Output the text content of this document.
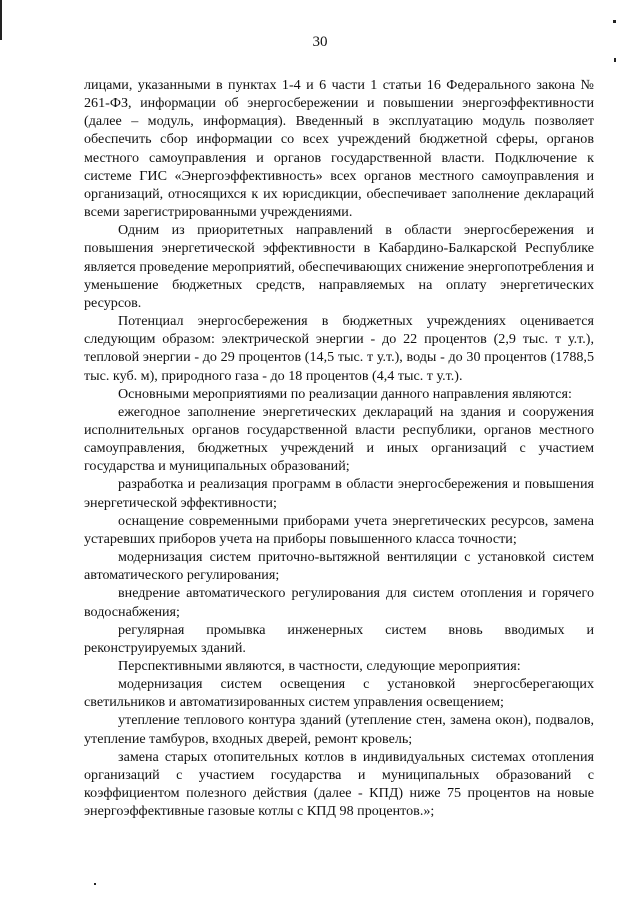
30

лицами, указанными в пунктах 1-4 и 6 части 1 статьи 16 Федерального закона № 261-ФЗ, информации об энергосбережении и повышении энергоэффективности (далее – модуль, информация). Введенный в эксплуатацию модуль позволяет обеспечить сбор информации со всех учреждений бюджетной сферы, органов местного самоуправления и органов государственной власти. Подключение к системе ГИС «Энергоэффективность» всех органов местного самоуправления и организаций, относящихся к их юрисдикции, обеспечивает заполнение деклараций всеми зарегистрированными учреждениями.

Одним из приоритетных направлений в области энергосбережения и повышения энергетической эффективности в Кабардино-Балкарской Республике является проведение мероприятий, обеспечивающих снижение энергопотребления и уменьшение бюджетных средств, направляемых на оплату энергетических ресурсов.

Потенциал энергосбережения в бюджетных учреждениях оценивается следующим образом: электрической энергии - до 22 процентов (2,9 тыс. т у.т.), тепловой энергии - до 29 процентов (14,5 тыс. т у.т.), воды - до 30 процентов (1788,5 тыс. куб. м), природного газа - до 18 процентов (4,4 тыс. т у.т.).

Основными мероприятиями по реализации данного направления являются:

ежегодное заполнение энергетических деклараций на здания и сооружения исполнительных органов государственной власти республики, органов местного самоуправления, бюджетных учреждений и иных организаций с участием государства и муниципальных образований;

разработка и реализация программ в области энергосбережения и повышения энергетической эффективности;

оснащение современными приборами учета энергетических ресурсов, замена устаревших приборов учета на приборы повышенного класса точности;

модернизация систем приточно-вытяжной вентиляции с установкой систем автоматического регулирования;

внедрение автоматического регулирования для систем отопления и горячего водоснабжения;

регулярная промывка инженерных систем вновь вводимых и реконструируемых зданий.

Перспективными являются, в частности, следующие мероприятия:

модернизация систем освещения с установкой энергосберегающих светильников и автоматизированных систем управления освещением;

утепление теплового контура зданий (утепление стен, замена окон), подвалов, утепление тамбуров, входных дверей, ремонт кровель;

замена старых отопительных котлов в индивидуальных системах отопления организаций с участием государства и муниципальных образований с коэффициентом полезного действия (далее - КПД) ниже 75 процентов на новые энергоэффективные газовые котлы с КПД 98 процентов.»;
